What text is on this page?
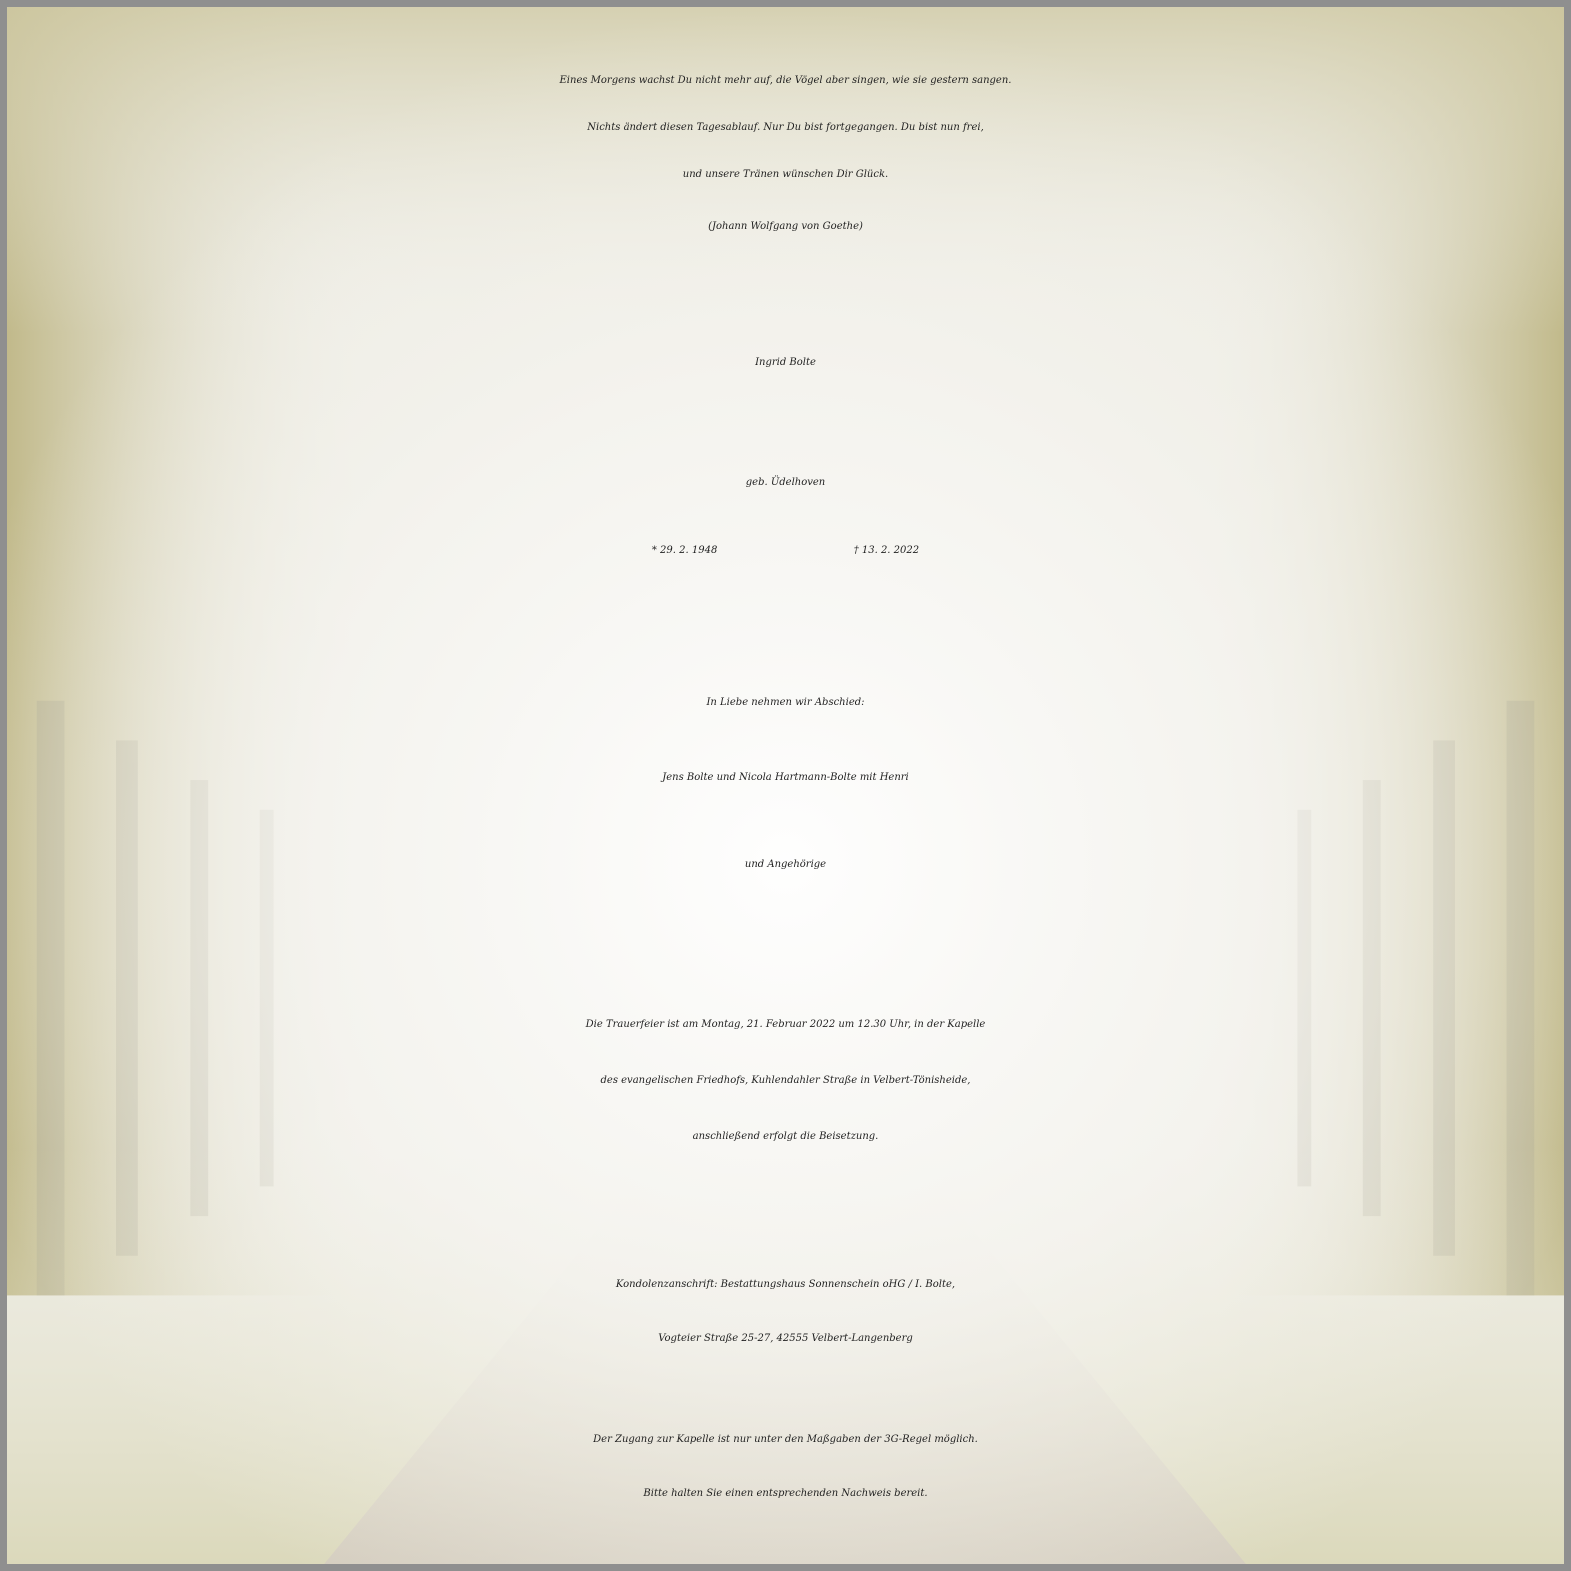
Eines Morgens wachst Du nicht mehr auf, die Vögel aber singen, wie sie gestern sangen.
Nichts ändert diesen Tagesablauf. Nur Du bist fortgegangen. Du bist nun frei,
und unsere Tränen wünschen Dir Glück.
(Johann Wolfgang von Goethe)
Ingrid Bolte
geb. Üdelhoven
* 29. 2. 1948	† 13. 2. 2022
In Liebe nehmen wir Abschied:
Jens Bolte und Nicola Hartmann-Bolte mit Henri
und Angehörige
Die Trauerfeier ist am Montag, 21. Februar 2022 um 12.30 Uhr, in der Kapelle
des evangelischen Friedhofs, Kuhlendahler Straße in Velbert-Tönisheide,
anschließend erfolgt die Beisetzung.
Kondolenzanschrift: Bestattungshaus Sonnenschein oHG / I. Bolte,
Vogteier Straße 25-27, 42555 Velbert-Langenberg
Der Zugang zur Kapelle ist nur unter den Maßgaben der 3G-Regel möglich.
Bitte halten Sie einen entsprechenden Nachweis bereit.
